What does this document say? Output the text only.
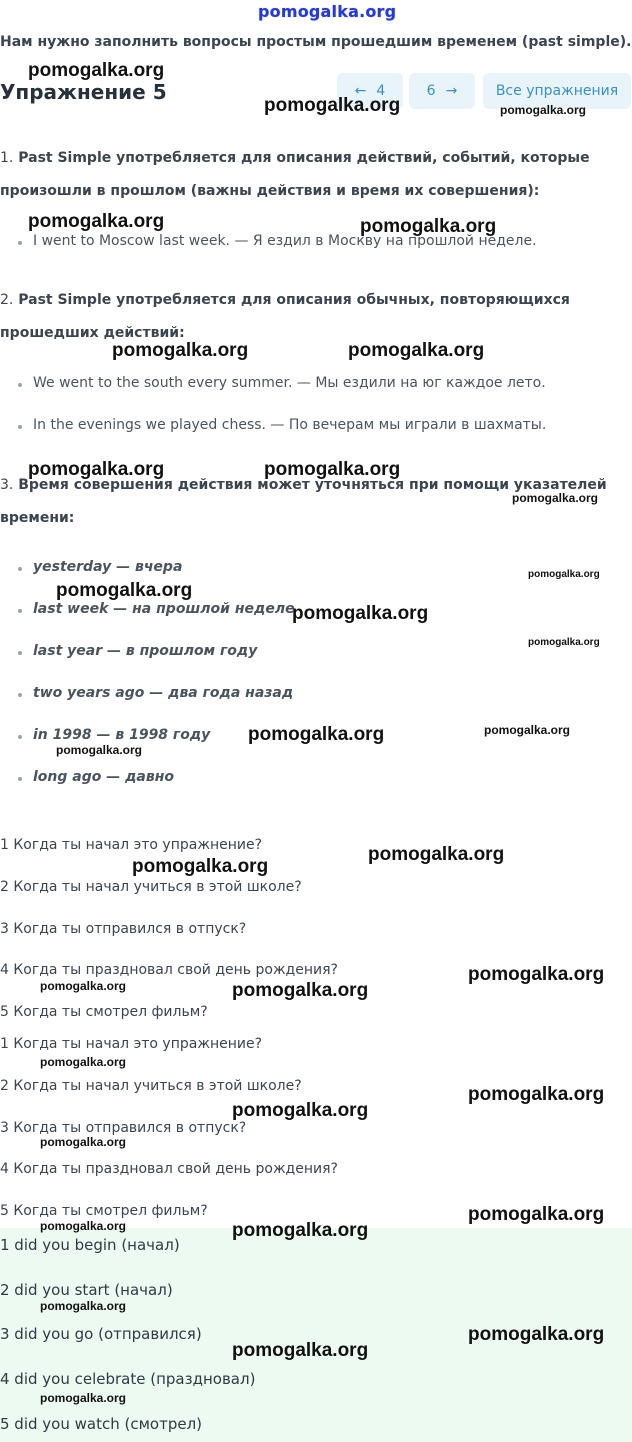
pomogalka.org
Нам нужно заполнить вопросы простым прошедшим временем (past simple).
Упражнение 5	← 4	6 →	Все упражнения
1. Past Simple употребляется для описания действий, событий, которые
произошли в прошлом (важны действия и время их совершения):
I went to Moscow last week. — Я ездил в Москву на прошлой неделе.
2. Past Simple употребляется для описания обычных, повторяющихся
прошедших действий:
We went to the south every summer. — Мы ездили на юг каждое лето.
In the evenings we played chess. — По вечерам мы играли в шахматы.
3. Время совершения действия может уточняться при помощи указателей
времени:
yesterday — вчера
last week — на прошлой неделе
last year — в прошлом году
two years ago — два года назад
in 1998 — в 1998 году
long ago — давно
1 Когда ты начал это упражнение?
2 Когда ты начал учиться в этой школе?
3 Когда ты отправился в отпуск?
4 Когда ты праздновал свой день рождения?
5 Когда ты смотрел фильм?
1 Когда ты начал это упражнение?
2 Когда ты начал учиться в этой школе?
3 Когда ты отправился в отпуск?
4 Когда ты праздновал свой день рождения?
5 Когда ты смотрел фильм?
1 did you begin (начал)
2 did you start (начал)
3 did you go (отправился)
4 did you celebrate (праздновал)
5 did you watch (смотрел)
pomogalka.org
pomogalka.org	pomogalka.org
pomogalka.org	pomogalka.org
pomogalka.org	pomogalka.org
pomogalka.org	pomogalka.org
pomogalka.org
pomogalka.org
pomogalka.org
pomogalka.org
pomogalka.org
pomogalka.org
pomogalka.org
pomogalka.org
pomogalka.org
pomogalka.org
pomogalka.org
pomogalka.org	pomogalka.org
pomogalka.org
pomogalka.org
pomogalka.org
pomogalka.org
pomogalka.org
pomogalka.org	pomogalka.org
pomogalka.org
pomogalka.org
pomogalka.org
pomogalka.org
